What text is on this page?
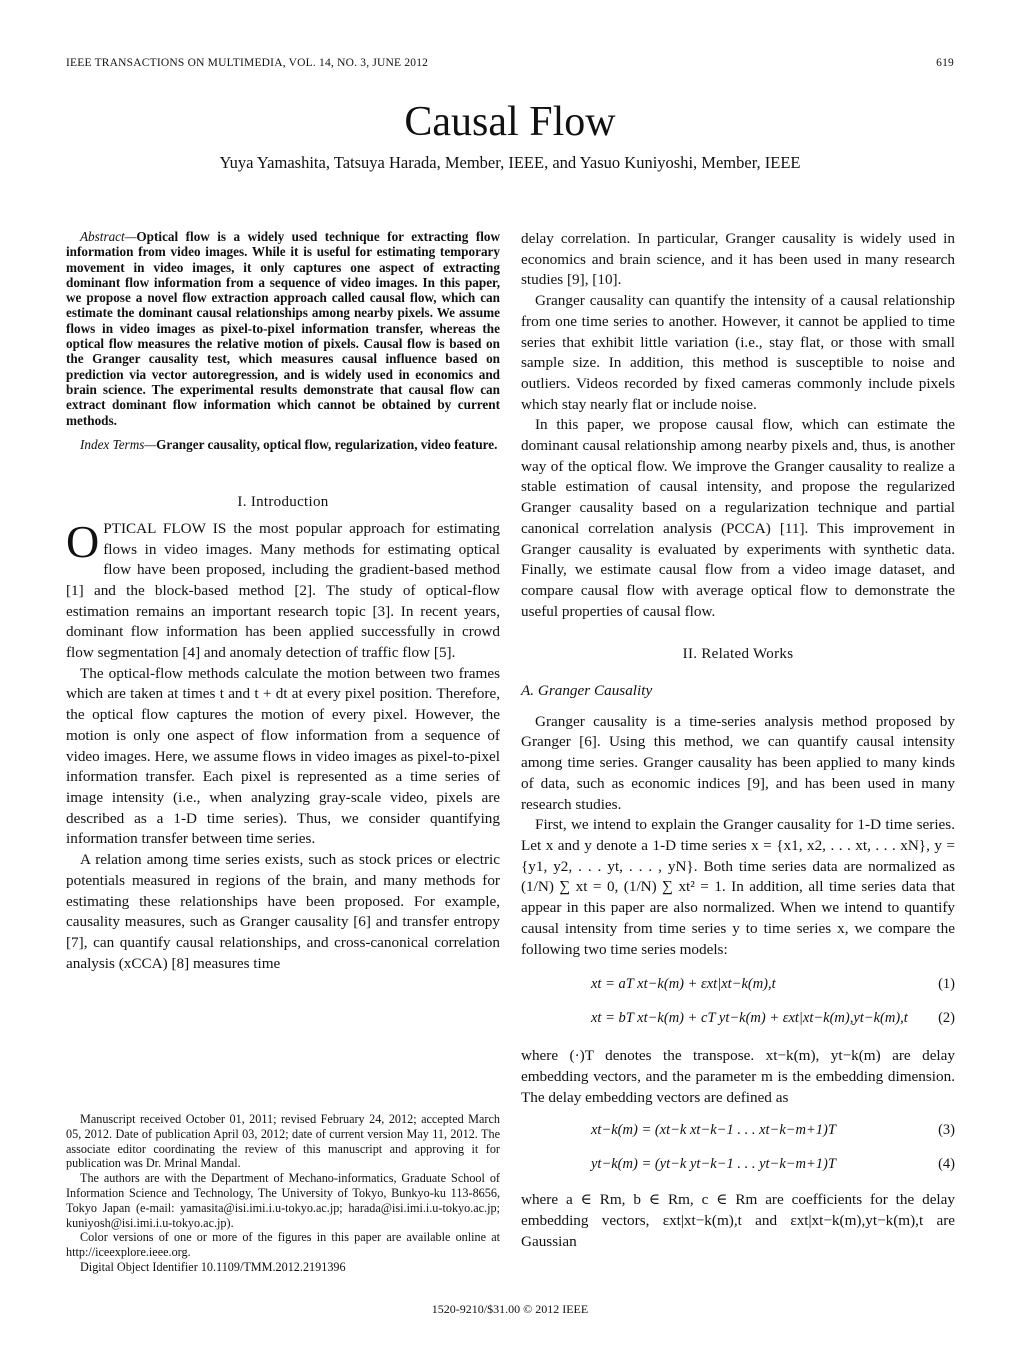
IEEE TRANSACTIONS ON MULTIMEDIA, VOL. 14, NO. 3, JUNE 2012	619
Causal Flow
Yuya Yamashita, Tatsuya Harada, Member, IEEE, and Yasuo Kuniyoshi, Member, IEEE

Abstract—Optical flow is a widely used technique for extracting flow information from video images. While it is useful for estimating temporary movement in video images, it only captures one aspect of extracting dominant flow information from a sequence of video images. In this paper, we propose a novel flow extraction approach called causal flow, which can estimate the dominant causal relationships among nearby pixels. We assume flows in video images as pixel-to-pixel information transfer, whereas the optical flow measures the relative motion of pixels. Causal flow is based on the Granger causality test, which measures causal influence based on prediction via vector autoregression, and is widely used in economics and brain science. The experimental results demonstrate that causal flow can extract dominant flow information which cannot be obtained by current methods.

Index Terms—Granger causality, optical flow, regularization, video feature.

I. Introduction

OPTICAL FLOW IS the most popular approach for estimating flows in video images. Many methods for estimating optical flow have been proposed, including the gradient-based method [1] and the block-based method [2]. The study of optical-flow estimation remains an important research topic [3]. In recent years, dominant flow information has been applied successfully in crowd flow segmentation [4] and anomaly detection of traffic flow [5].

The optical-flow methods calculate the motion between two frames which are taken at times t and t + dt at every pixel position. Therefore, the optical flow captures the motion of every pixel. However, the motion is only one aspect of flow information from a sequence of video images. Here, we assume flows in video images as pixel-to-pixel information transfer. Each pixel is represented as a time series of image intensity (i.e., when analyzing gray-scale video, pixels are described as a 1-D time series). Thus, we consider quantifying information transfer between time series.

A relation among time series exists, such as stock prices or electric potentials measured in regions of the brain, and many methods for estimating these relationships have been proposed. For example, causality measures, such as Granger causality [6] and transfer entropy [7], can quantify causal relationships, and cross-canonical correlation analysis (xCCA) [8] measures time

Manuscript received October 01, 2011; revised February 24, 2012; accepted March 05, 2012. Date of publication April 03, 2012; date of current version May 11, 2012. The associate editor coordinating the review of this manuscript and approving it for publication was Dr. Mrinal Mandal.

The authors are with the Department of Mechano-informatics, Graduate School of Information Science and Technology, The University of Tokyo, Bunkyo-ku 113-8656, Tokyo Japan (e-mail: yamasita@isi.imi.i.u-tokyo.ac.jp; harada@isi.imi.i.u-tokyo.ac.jp; kuniyosh@isi.imi.i.u-tokyo.ac.jp).

Color versions of one or more of the figures in this paper are available online at http://iceexplore.ieee.org.

Digital Object Identifier 10.1109/TMM.2012.2191396

delay correlation. In particular, Granger causality is widely used in economics and brain science, and it has been used in many research studies [9], [10].

Granger causality can quantify the intensity of a causal relationship from one time series to another. However, it cannot be applied to time series that exhibit little variation (i.e., stay flat, or those with small sample size. In addition, this method is susceptible to noise and outliers. Videos recorded by fixed cameras commonly include pixels which stay nearly flat or include noise.

In this paper, we propose causal flow, which can estimate the dominant causal relationship among nearby pixels and, thus, is another way of the optical flow. We improve the Granger causality to realize a stable estimation of causal intensity, and propose the regularized Granger causality based on a regularization technique and partial canonical correlation analysis (PCCA) [11]. This improvement in Granger causality is evaluated by experiments with synthetic data. Finally, we estimate causal flow from a video image dataset, and compare causal flow with average optical flow to demonstrate the useful properties of causal flow.

II. Related Works
A. Granger Causality

Granger causality is a time-series analysis method proposed by Granger [6]. Using this method, we can quantify causal intensity among time series. Granger causality has been applied to many kinds of data, such as economic indices [9], and has been used in many research studies.

First, we intend to explain the Granger causality for 1-D time series. Let x and y denote a 1-D time series x = {x1, x2, . . . xt, . . . xN}, y = {y1, y2, . . . yt, . . . , yN}. Both time series data are normalized as (1/N) ∑ xt = 0, (1/N) ∑ xt² = 1. In addition, all time series data that appear in this paper are also normalized. When we intend to quantify causal intensity from time series y to time series x, we compare the following two time series models:

xt = aT xt−k(m) + εxt|xt−k(m),t	(1)
xt = bT xt−k(m) + cT yt−k(m) + εxt|xt−k(m),yt−k(m),t (2)

where (·)T denotes the transpose. xt−k(m), yt−k(m) are delay embedding vectors, and the parameter m is the embedding dimension. The delay embedding vectors are defined as

xt−k(m) = (xt−k xt−k−1 . . . xt−k−m+1)T	(3)
yt−k(m) = (yt−k yt−k−1 . . . yt−k−m+1)T	(4)

where a ∈ Rm, b ∈ Rm, c ∈ Rm are coefficients for the delay embedding vectors, εxt|xt−k(m),t and εxt|xt−k(m),yt−k(m),t are Gaussian

1520-9210/$31.00 © 2012 IEEE
